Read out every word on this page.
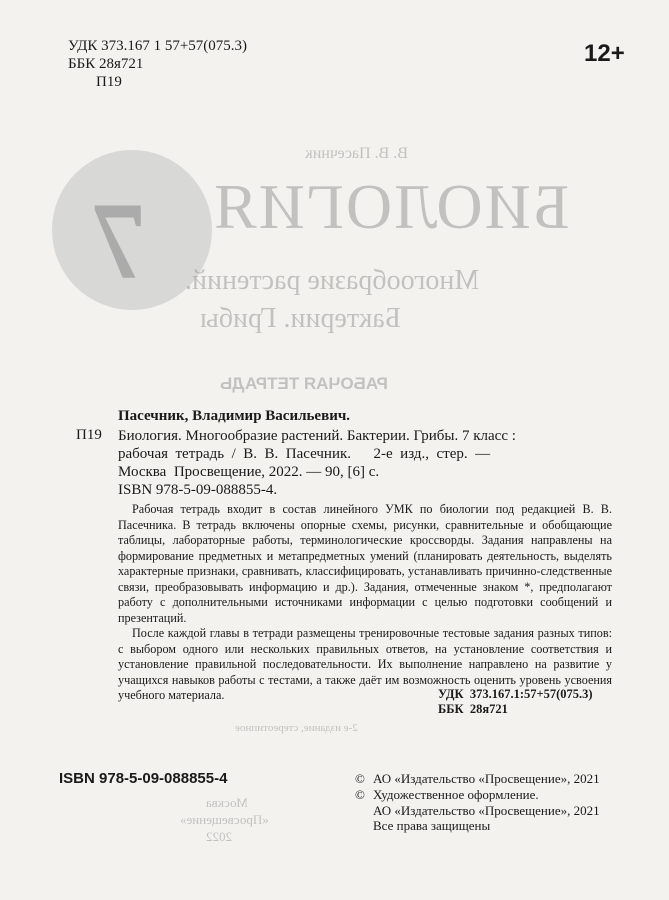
7
В. В. Пасечник
БИОЛОГИЯ
Многообразие растений.
Бактерии. Грибы
РАБОЧАЯ ТЕТРАДЬ
2-е издание, стереотипное
Москва
«Просвещение»
2022
УДК 373.167 1 57+57(075.3)
ББК 28я721
П19
12+
Пасечник, Владимир Васильевич.
П19 Биология. Многообразие растений. Бактерии. Грибы. 7 класс :
рабочая  тетрадь  /  В.  В.  Пасечник.      2-е  изд.,  стер.  —
Москва  Просвещение, 2022. — 90, [6] с.
ISBN 978-5-09-088855-4.

Рабочая тетрадь входит в состав линейного УМК по биологии под редакцией В. В. Пасечника. В тетрадь включены опорные схемы, рисунки, сравнительные и обобщающие таблицы, лабораторные работы, терминологические кроссворды. Задания направлены на формирование предметных и метапредметных умений (планировать деятельность, выделять характерные признаки, сравнивать, классифицировать, устанавливать причинно-следственные связи, преобразовывать информацию и др.). Задания, отмеченные знаком *, предполагают работу с дополнительными источниками информации с целью подготовки сообщений и презентаций.

После каждой главы в тетради размещены тренировочные тестовые задания разных типов: с выбором одного или нескольких правильных ответов, на установление соответствия и установление правильной последовательности. Их выполнение направлено на развитие у учащихся навыков работы с тестами, а также даёт им возможность оценить уровень усвоения учебного материала.	УДК  373.167.1:57+57(075.3)
ББК  28я721
ISBN 978-5-09-088855-4	© АО «Издательство «Просвещение», 2021
© Художественное оформление.
АО «Издательство «Просвещение», 2021
Все права защищены
